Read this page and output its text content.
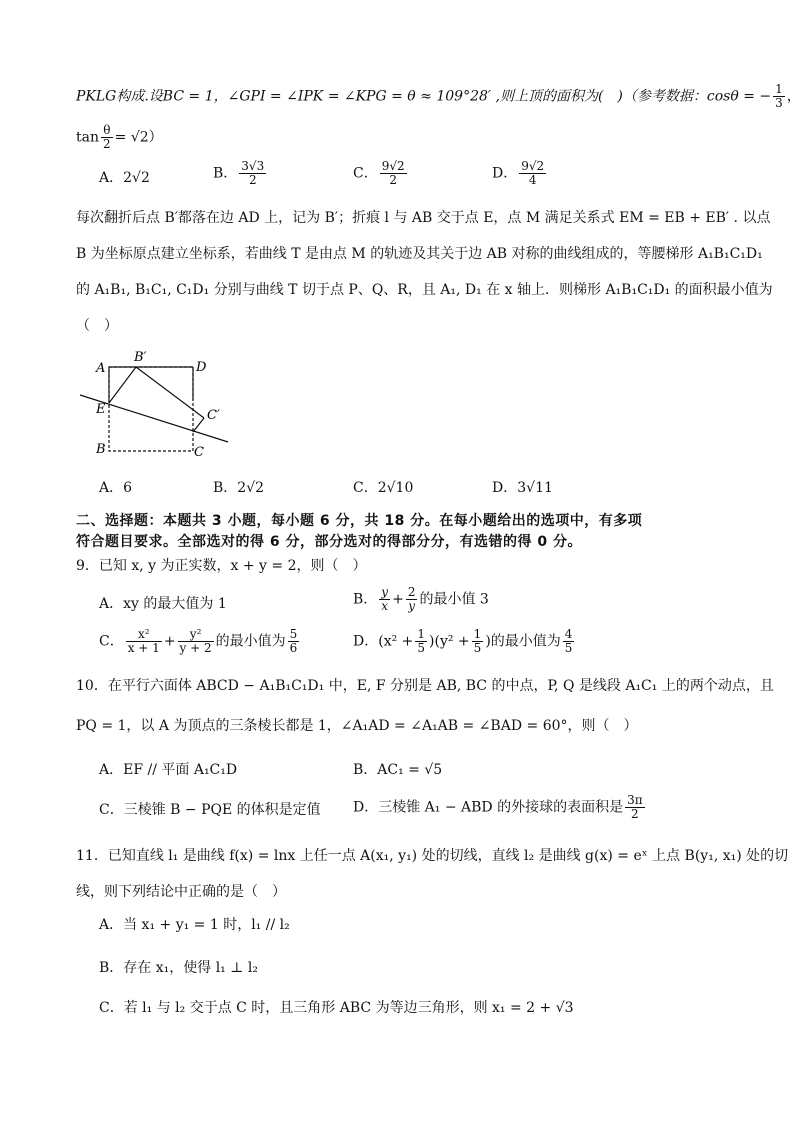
PKLG构成.设BC = 1，∠GPI = ∠IPK = ∠KPG = θ ≈ 109°28′ ,则上顶的面积为(　)（参考数据：cosθ = − $\frac{1}{3}$ ，
$\tan \frac{\theta}{2} = √2$）
A．2√2	B． $\frac{3√3}{2}$	C． $\frac{9√2}{2}$	D． $\frac{9√2}{4}$
每次翻折后点 B′都落在边 AD 上，记为 B′；折痕 l 与 AB 交于点 E，点 M 满足关系式 EM = EB + EB′ . 以点
B 为坐标原点建立坐标系，若曲线 T 是由点 M 的轨迹及其关于边 AB 对称的曲线组成的，等腰梯形 A₁B₁C₁D₁
的 A₁B₁, B₁C₁, C₁D₁ 分别与曲线 T 切于点 P、Q、R，且 A₁, D₁ 在 x 轴上．则梯形 A₁B₁C₁D₁ 的面积最小值为
（　）
A
B′
D
E	C′
B	C
A．6	B．2√2	C．2√10	D．3√11
二、选择题：本题共 3 小题，每小题 6 分，共 18 分。在每小题给出的选项中，有多项
符合题目要求。全部选对的得 6 分，部分选对的得部分分，有选错的得 0 分。
9．已知 x, y 为正实数，x + y = 2，则（　）
A．xy 的最大值为 1	B． $\frac{y}{x} + \frac{2}{y}$ 的最小值 3
C． $\frac{\text{x²}}{x + 1} + \frac{\text{y²}}{y + 2}$ 的最小值为 $\frac{5}{6}$	D．$(x^2 + \frac{1}{5} )(y^2 + \frac{1}{5}$ )的最小值为 $\frac{4}{5}$
10．在平行六面体 ABCD − A₁B₁C₁D₁ 中，E, F 分别是 AB, BC 的中点，P, Q 是线段 A₁C₁ 上的两个动点，且
PQ = 1，以 A 为顶点的三条棱长都是 1，∠A₁AD = ∠A₁AB = ∠BAD = 60°，则（　）
A．EF // 平面 A₁C₁D	B．AC₁ = √5
C．三棱锥 B − PQE 的体积是定值 D．三棱锥 A₁ − ABD 的外接球的表面积是 $\frac{3\pi}{2}$
11．已知直线 l₁ 是曲线 f(x) = lnx 上任一点 A(x₁, y₁) 处的切线，直线 l₂ 是曲线 g(x) = eˣ 上点 B(y₁, x₁) 处的切
线，则下列结论中正确的是（　）
A．当 x₁ + y₁ = 1 时，l₁ // l₂
B．存在 x₁，使得 l₁ ⊥ l₂
C．若 l₁ 与 l₂ 交于点 C 时，且三角形 ABC 为等边三角形，则 x₁ = 2 + √3
